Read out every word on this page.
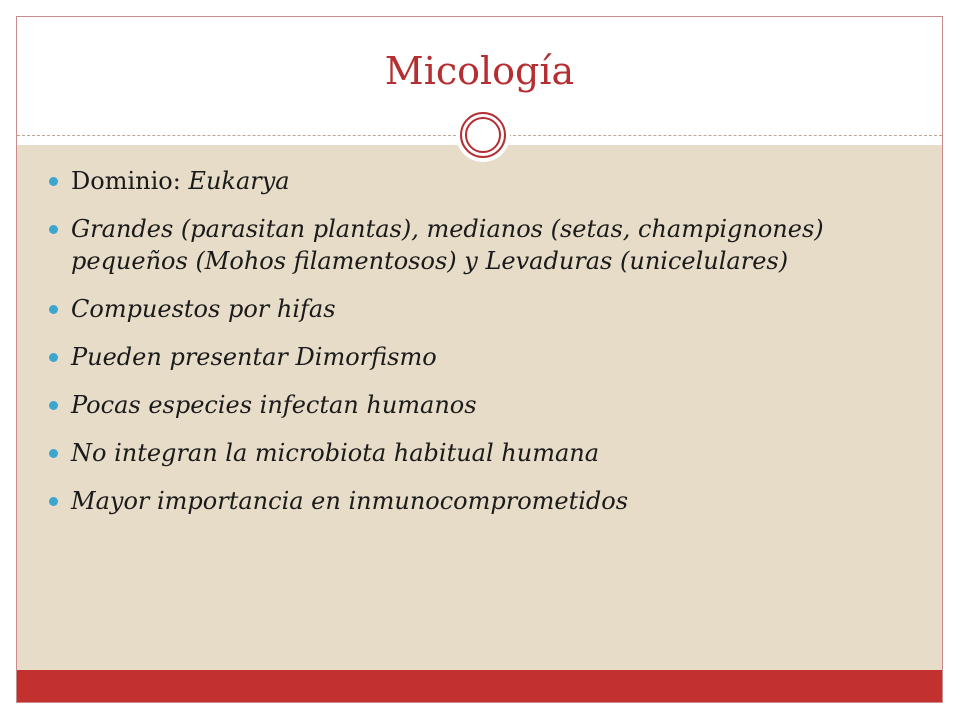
Micología
Dominio: Eukarya
Grandes (parasitan plantas), medianos (setas, champignones) pequeños (Mohos filamentosos) y Levaduras (unicelulares)
Compuestos por hifas
Pueden presentar Dimorfismo
Pocas especies infectan humanos
No integran la microbiota habitual humana
Mayor importancia en inmunocomprometidos
